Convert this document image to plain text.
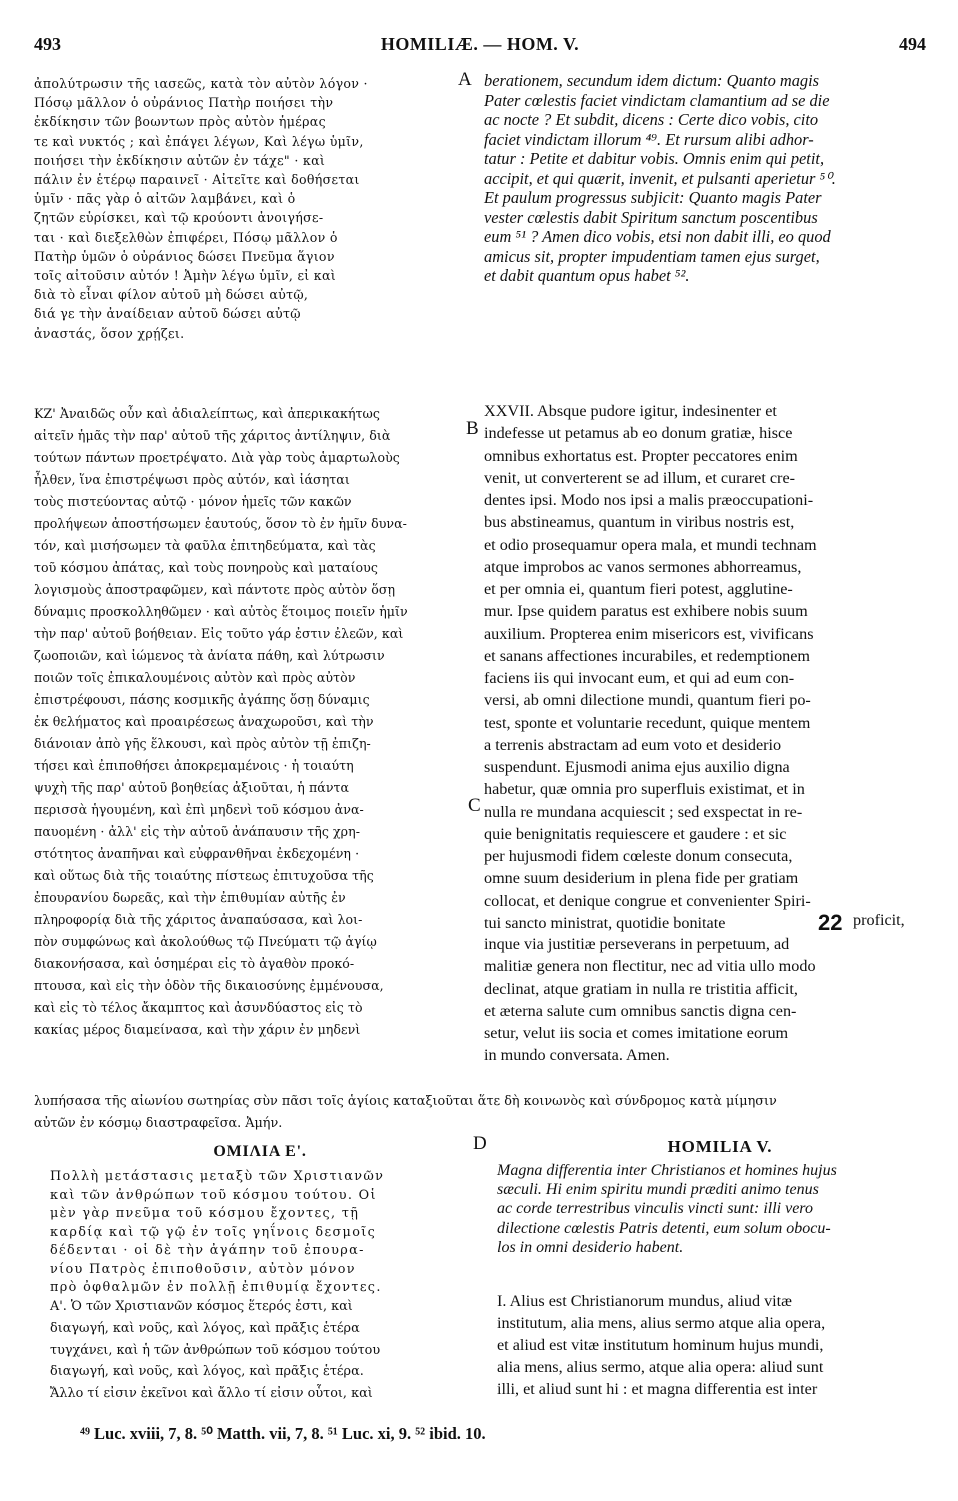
493	HOMILIÆ. — HOM. V.	494
ἀπολύτρωσιν τῆς ιασεῶς, κατὰ τὸν αὐτὸν λόγον ·
Πόσῳ μᾶλλον ὁ οὐράνιος Πατὴρ ποιήσει τὴν
ἐκδίκησιν τῶν βοωντων πρὸς αὐτὸν ἡμέρας
τε καὶ νυκτός ; καὶ ἐπάγει λέγων, Καὶ λέγω ὑμῖν,
ποιήσει τὴν ἐκδίκησιν αὐτῶν ἐν τάχε" · καὶ
πάλιν ἐν ἑτέρῳ παραινεῖ · Αἰτεῖτε καὶ δοθήσεται
ὑμῖν · πᾶς γὰρ ὁ αἰτῶν λαμβάνει, καὶ ὁ
ζητῶν εὑρίσκει, καὶ τῷ κρούοντι ἀνοιγήσε-
ται · καὶ διεξελθὼν ἐπιφέρει, Πόσῳ μᾶλλον ὁ
Πατὴρ ὑμῶν ὁ οὐράνιος δώσει Πνεῦμα ἅγιον
τοῖς αἰτοῦσιν αὐτόν ! Ἀμὴν λέγω ὑμῖν, εἰ καὶ
διὰ τὸ εἶναι φίλον αὐτοῦ μὴ δώσει αὐτῷ,
διά γε τὴν ἀναίδειαν αὐτοῦ δώσει αὐτῷ
ἀναστάς, ὅσον χρῄζει.
berationem, secundum idem dictum: Quanto magis
Pater cœlestis faciet vindictam clamantium ad se die
ac nocte ? Et subdit, dicens : Certe dico vobis, cito
faciet vindictam illorum ⁴⁹. Et rursum alibi adhor-
tatur : Petite et dabitur vobis. Omnis enim qui petit,
accipit, et qui quærit, invenit, et pulsanti aperietur ⁵⁰.
Et paulum progressus subjicit: Quanto magis Pater
vester cœlestis dabit Spiritum sanctum poscentibus
eum ⁵¹ ? Amen dico vobis, etsi non dabit illi, eo quod
amicus sit, propter impudentiam tamen ejus surget,
et dabit quantum opus habet ⁵².
A
ΚΖ' Ἀναιδῶς οὖν καὶ ἀδιαλείπτως, καὶ ἀπερικακήτως
αἰτεῖν ἡμᾶς τὴν παρ' αὐτοῦ τῆς χάριτος ἀντίληψιν, διὰ
τούτων πάντων προετρέψατο. Διὰ γὰρ τοὺς ἁμαρτωλοὺς
ἦλθεν, ἵνα ἐπιστρέψωσι πρὸς αὐτόν, καὶ ἰάσηται
τοὺς πιστεύοντας αὐτῷ · μόνον ἡμεῖς τῶν κακῶν
προλήψεων ἀποστήσωμεν ἑαυτούς, ὅσον τὸ ἐν ἡμῖν δυνα-
τόν, καὶ μισήσωμεν τὰ φαῦλα ἐπιτηδεύματα, καὶ τὰς
τοῦ κόσμου ἀπάτας, καὶ τοὺς πονηροὺς καὶ ματαίους
λογισμοὺς ἀποστραφῶμεν, καὶ πάντοτε πρὸς αὐτὸν ὅσῃ
δύναμις προσκολληθῶμεν · καὶ αὐτὸς ἕτοιμος ποιεῖν ἡμῖν
τὴν παρ' αὐτοῦ βοήθειαν. Εἰς τοῦτο γάρ ἐστιν ἐλεῶν, καὶ
ζωοποιῶν, καὶ ἰώμενος τὰ ἀνίατα πάθη, καὶ λύτρωσιν
ποιῶν τοῖς ἐπικαλουμένοις αὐτὸν καὶ πρὸς αὐτὸν
ἐπιστρέφουσι, πάσης κοσμικῆς ἀγάπης ὅσῃ δύναμις
ἐκ θελήματος καὶ προαιρέσεως ἀναχωροῦσι, καὶ τὴν
διάνοιαν ἀπὸ γῆς ἕλκουσι, καὶ πρὸς αὐτὸν τῇ ἐπιζη-
τήσει καὶ ἐπιποθήσει ἀποκρεμαμένοις · ἡ τοιαύτη
ψυχὴ τῆς παρ' αὐτοῦ βοηθείας ἀξιοῦται, ἡ πάντα
περισσὰ ἡγουμένη, καὶ ἐπὶ μηδενὶ τοῦ κόσμου ἀνα-
παυομένη · ἀλλ' εἰς τὴν αὐτοῦ ἀνάπαυσιν τῆς χρη-
στότητος ἀναπῆναι καὶ εὐφρανθῆναι ἐκδεχομένη ·
καὶ οὕτως διὰ τῆς τοιαύτης πίστεως ἐπιτυχοῦσα τῆς
ἐπουρανίου δωρεᾶς, καὶ τὴν ἐπιθυμίαν αὐτῆς ἐν
πληροφορίᾳ διὰ τῆς χάριτος ἀναπαύσασα, καὶ λοι-
πὸν συμφώνως καὶ ἀκολούθως τῷ Πνεύματι τῷ ἁγίῳ
διακονήσασα, καὶ ὁσημέραι εἰς τὸ ἀγαθὸν προκό-
πτουσα, καὶ εἰς τὴν ὁδὸν τῆς δικαιοσύνης ἐμμένουσα,
καὶ εἰς τὸ τέλος ἄκαμπτος καὶ ἀσυνδύαστος εἰς τὸ
κακίας μέρος διαμείνασα, καὶ τὴν χάριν ἐν μηδενὶ
XXVII. Absque pudore igitur, indesinenter et
indefesse ut petamus ab eo donum gratiæ, hisce
omnibus exhortatus est. Propter peccatores enim
venit, ut converterent se ad illum, et curaret cre-
dentes ipsi. Modo nos ipsi a malis præoccupationi-
bus abstineamus, quantum in viribus nostris est,
et odio prosequamur opera mala, et mundi technam
atque improbos ac vanos sermones abhorreamus,
et per omnia ei, quantum fieri potest, agglutine-
mur. Ipse quidem paratus est exhibere nobis suum
auxilium. Propterea enim misericors est, vivificans
et sanans affectiones incurabiles, et redemptionem
faciens iis qui invocant eum, et qui ad eum con-
versi, ab omni dilectione mundi, quantum fieri po-
test, sponte et voluntarie recedunt, quique mentem
a terrenis abstractam ad eum voto et desiderio
suspendunt. Ejusmodi anima ejus auxilio digna
habetur, quæ omnia pro superfluis existimat, et in
nulla re mundana acquiescit ; sed exspectat in re-
quie benignitatis requiescere et gaudere : et sic
per hujusmodi fidem cœleste donum consecuta,
omne suum desiderium in plena fide per gratiam
collocat, et denique congrue et convenienter Spiri-
tui sancto ministrat, quotidie bonitate	22 proficit,
inque via justitiæ perseverans in perpetuum, ad
malitiæ genera non flectitur, nec ad vitia ullo modo
declinat, atque gratiam in nulla re tristitia afficit,
et æterna salute cum omnibus sanctis digna cen-
setur, velut iis socia et comes imitatione eorum
in mundo conversata. Amen.
B
C
λυπήσασα τῆς αἰωνίου σωτηρίας σὺν πᾶσι τοῖς ἁγίοις καταξιοῦται ἅτε δὴ κοινωνὸς καὶ σύνδρομος κατὰ μίμησιν
αὐτῶν ἐν κόσμῳ διαστραφεῖσα. Ἀμήν.
D
ΟΜΙΛΙΑ Ε'.	HOMILIA V.
Πολλὴ μετάστασις μεταξὺ τῶν Χριστιανῶν
καὶ τῶν ἀνθρώπων τοῦ κόσμου τούτου. Οἱ
μὲν γὰρ πνεῦμα τοῦ κόσμου ἔχοντες, τῇ
καρδίᾳ καὶ τῷ γῷ ἐν τοῖς γηΐνοις δεσμοῖς
δέδενται · οἱ δὲ τὴν ἀγάπην τοῦ ἐπουρα-
νίου Πατρὸς ἐπιποθοῦσιν, αὐτὸν μόνον
πρὸ ὀφθαλμῶν ἐν πολλῇ ἐπιθυμίᾳ ἔχοντες.
Magna differentia inter Christianos et homines hujus
sæculi. Hi enim spiritu mundi præditi animo tenus
ac corde terrestribus vinculis vincti sunt: illi vero
dilectione cœlestis Patris detenti, eum solum obocu-
los in omni desiderio habent.
Α'. Ὁ τῶν Χριστιανῶν κόσμος ἕτερός ἐστι, καὶ
διαγωγή, καὶ νοῦς, καὶ λόγος, καὶ πρᾶξις ἑτέρα
τυγχάνει, καὶ ἡ τῶν ἀνθρώπων τοῦ κόσμου τούτου
διαγωγή, καὶ νοῦς, καὶ λόγος, καὶ πρᾶξις ἑτέρα.
Ἄλλο τί εἰσιν ἐκεῖνοι καὶ ἄλλο τί εἰσιν οὗτοι, καὶ
I. Alius est Christianorum mundus, aliud vitæ
institutum, alia mens, alius sermo atque alia opera,
et aliud est vitæ institutum hominum hujus mundi,
alia mens, alius sermo, atque alia opera: aliud sunt
illi, et aliud sunt hi : et magna differentia est inter
⁴⁹ Luc. xviii, 7, 8. ⁵⁰ Matth. vii, 7, 8. ⁵¹ Luc. xi, 9. ⁵² ibid. 10.
